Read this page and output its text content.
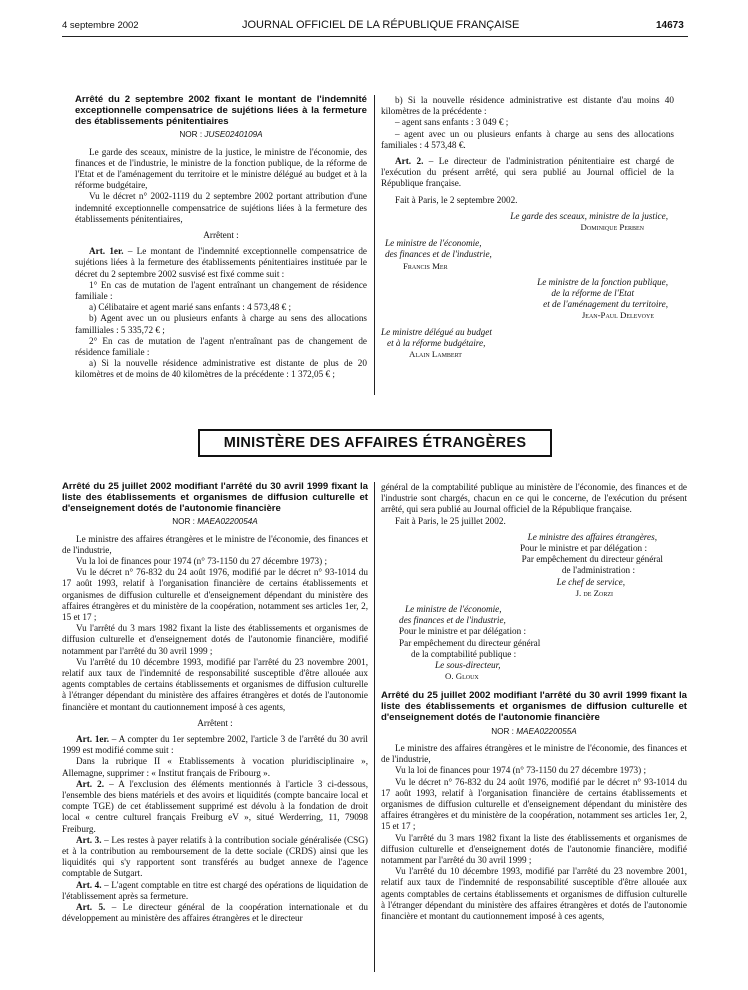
4 septembre 2002	JOURNAL OFFICIEL DE LA RÉPUBLIQUE FRANÇAISE	14673

Arrêté du 2 septembre 2002 fixant le montant de l'indemnité exceptionnelle compensatrice de sujétions liées à la fermeture des établissements pénitentiaires

NOR : JUSE0240109A

Le garde des sceaux, ministre de la justice, le ministre de l'économie, des finances et de l'industrie, le ministre de la fonction publique, de la réforme de l'Etat et de l'aménagement du territoire et le ministre délégué au budget et à la réforme budgétaire,

Vu le décret n° 2002-1119 du 2 septembre 2002 portant attribution d'une indemnité exceptionnelle compensatrice de sujétions liées à la fermeture des établissements pénitentiaires,

Arrêtent :

Art. 1er. – Le montant de l'indemnité exceptionnelle compensatrice de sujétions liées à la fermeture des établissements pénitentiaires instituée par le décret du 2 septembre 2002 susvisé est fixé comme suit :

1° En cas de mutation de l'agent entraînant un changement de résidence familiale :

a) Célibataire et agent marié sans enfants : 4 573,48 € ;

b) Agent avec un ou plusieurs enfants à charge au sens des allocations familliales : 5 335,72 € ;

2° En cas de mutation de l'agent n'entraînant pas de changement de résidence familiale :

a) Si la nouvelle résidence administrative est distante de plus de 20 kilomètres et de moins de 40 kilomètres de la précédente : 1 372,05 € ;

b) Si la nouvelle résidence administrative est distante d'au moins 40 kilomètres de la précédente :

– agent sans enfants : 3 049 € ;

– agent avec un ou plusieurs enfants à charge au sens des allocations familiales : 4 573,48 €.

Art. 2. – Le directeur de l'administration pénitentiaire est chargé de l'exécution du présent arrêté, qui sera publié au Journal officiel de la République française.

Fait à Paris, le 2 septembre 2002.

Le garde des sceaux, ministre de la justice,

Dominique Perben

Le ministre de l'économie,

des finances et de l'industrie,

Francis Mer

Le ministre de la fonction publique,

de la réforme de l'Etat

et de l'aménagement du territoire,

Jean-Paul Delevoye

Le ministre délégué au budget

et à la réforme budgétaire,

Alain Lambert

MINISTÈRE DES AFFAIRES ÉTRANGÈRES

Arrêté du 25 juillet 2002 modifiant l'arrêté du 30 avril 1999 fixant la liste des établissements et organismes de diffusion culturelle et d'enseignement dotés de l'autonomie financière

NOR : MAEA0220054A

Le ministre des affaires étrangères et le ministre de l'économie, des finances et de l'industrie,

Vu la loi de finances pour 1974 (n° 73-1150 du 27 décembre 1973) ;

Vu le décret n° 76-832 du 24 août 1976, modifié par le décret n° 93-1014 du 17 août 1993, relatif à l'organisation financière de certains établissements et organismes de diffusion culturelle et d'enseignement dépendant du ministère des affaires étrangères et du ministère de la coopération, notamment ses articles 1er, 2, 15 et 17 ;

Vu l'arrêté du 3 mars 1982 fixant la liste des établissements et organismes de diffusion culturelle et d'enseignement dotés de l'autonomie financière, modifié notamment par l'arrêté du 30 avril 1999 ;

Vu l'arrêté du 10 décembre 1993, modifié par l'arrêté du 23 novembre 2001, relatif aux taux de l'indemnité de responsabilité susceptible d'être allouée aux agents comptables de certains établissements et organismes de diffusion culturelle à l'étranger dépendant du ministère des affaires étrangères et dotés de l'autonomie financière et montant du cautionnement imposé à ces agents,

Arrêtent :

Art. 1er. – A compter du 1er septembre 2002, l'article 3 de l'arrêté du 30 avril 1999 est modifié comme suit :

Dans la rubrique II « Etablissements à vocation pluridisciplinaire », Allemagne, supprimer : « Institut français de Fribourg ».

Art. 2. – A l'exclusion des éléments mentionnés à l'article 3 ci-dessous, l'ensemble des biens matériels et des avoirs et liquidités (compte bancaire local et compte TGE) de cet établissement supprimé est dévolu à la fondation de droit local « centre culturel français Freiburg eV », situé Werderring, 11, 79098 Freiburg.

Art. 3. – Les restes à payer relatifs à la contribution sociale généralisée (CSG) et à la contribution au remboursement de la dette sociale (CRDS) ainsi que les liquidités qui s'y rapportent sont transférés au budget annexe de l'agence comptable de Sutgart.

Art. 4. – L'agent comptable en titre est chargé des opérations de liquidation de l'établissement après sa fermeture.

Art. 5. – Le directeur général de la coopération internationale et du développement au ministère des affaires étrangères et le directeur

général de la comptabilité publique au ministère de l'économie, des finances et de l'industrie sont chargés, chacun en ce qui le concerne, de l'exécution du présent arrêté, qui sera publié au Journal officiel de la République française.

Fait à Paris, le 25 juillet 2002.

Le ministre des affaires étrangères,

Pour le ministre et par délégation :

Par empêchement du directeur général

de l'administration :

Le chef de service,

J. de Zorzi

Le ministre de l'économie,

des finances et de l'industrie,

Pour le ministre et par délégation :

Par empêchement du directeur général

de la comptabilité publique :

Le sous-directeur,

O. Gloux

Arrêté du 25 juillet 2002 modifiant l'arrêté du 30 avril 1999 fixant la liste des établissements et organismes de diffusion culturelle et d'enseignement dotés de l'autonomie financière

NOR : MAEA0220055A

Le ministre des affaires étrangères et le ministre de l'économie, des finances et de l'industrie,

Vu la loi de finances pour 1974 (n° 73-1150 du 27 décembre 1973) ;

Vu le décret n° 76-832 du 24 août 1976, modifié par le décret n° 93-1014 du 17 août 1993, relatif à l'organisation financière de certains établissements et organismes de diffusion culturelle et d'enseignement dépendant du ministère des affaires étrangères et du ministère de la coopération, notamment ses articles 1er, 2, 15 et 17 ;

Vu l'arrêté du 3 mars 1982 fixant la liste des établissements et organismes de diffusion culturelle et d'enseignement dotés de l'autonomie financière, modifié notamment par l'arrêté du 30 avril 1999 ;

Vu l'arrêté du 10 décembre 1993, modifié par l'arrêté du 23 novembre 2001, relatif aux taux de l'indemnité de responsabilité susceptible d'être allouée aux agents comptables de certains établissements et organismes de diffusion culturelle à l'étranger dépendant du ministère des affaires étrangères et dotés de l'autonomie financière et montant du cautionnement imposé à ces agents,
